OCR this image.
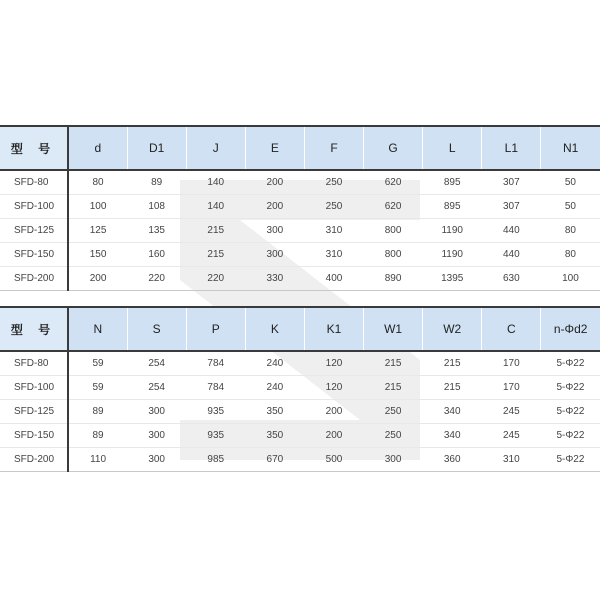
型 号	d	D1	J	E	F	G	L	L1	N1
SFD-80	80	89	140	200	250	620	895	307	50
SFD-100	100	108	140	200	250	620	895	307	50
SFD-125	125	135	215	300	310	800	1190	440	80
SFD-150	150	160	215	300	310	800	1190	440	80
SFD-200	200	220	220	330	400	890	1395	630	100
型 号	N	S	P	K	K1	W1	W2	C	n-Φd2
SFD-80	59	254	784	240	120	215	215	170	5-Φ22
SFD-100	59	254	784	240	120	215	215	170	5-Φ22
SFD-125	89	300	935	350	200	250	340	245	5-Φ22
SFD-150	89	300	935	350	200	250	340	245	5-Φ22
SFD-200	110	300	985	670	500	300	360	310	5-Φ22
